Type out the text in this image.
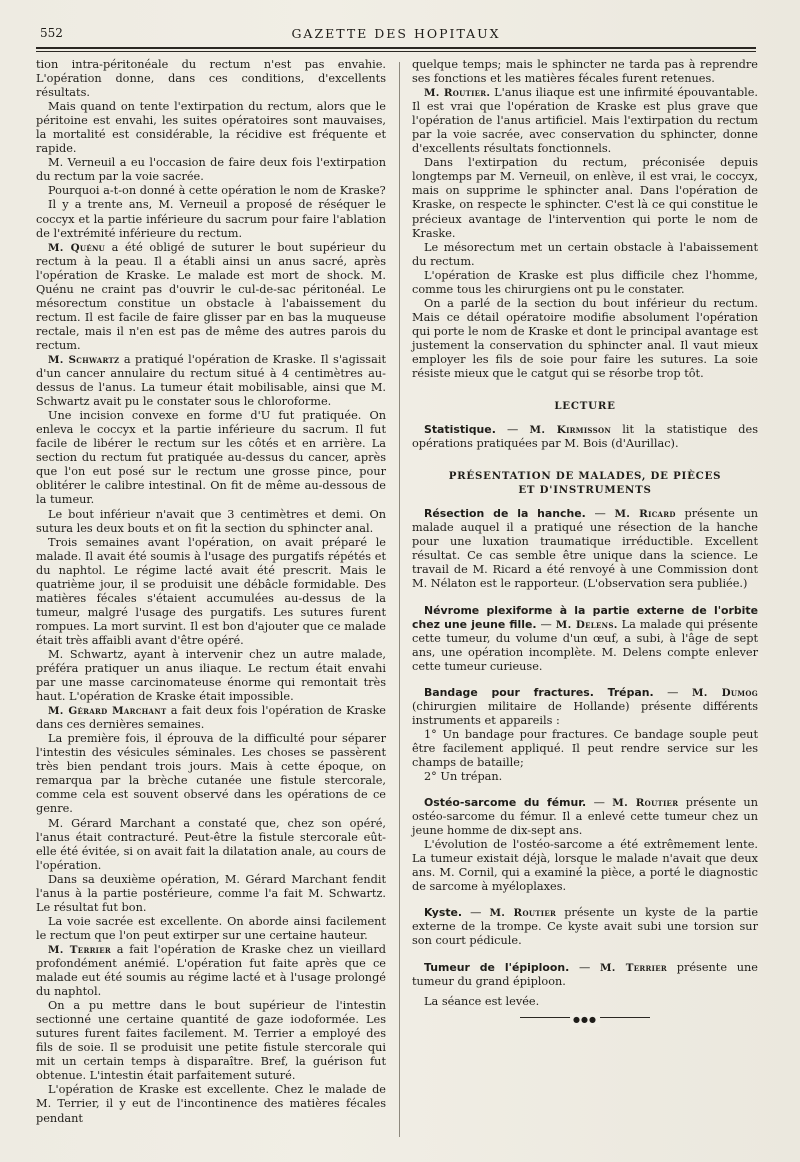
552	GAZETTE DES HOPITAUX

tion intra-péritonéale du rectum n'est pas envahie. L'opération donne, dans ces conditions, d'excellents résultats.

Mais quand on tente l'extirpation du rectum, alors que le péritoine est envahi, les suites opératoires sont mauvaises, la mortalité est considérable, la récidive est fréquente et rapide.

M. Verneuil a eu l'occasion de faire deux fois l'extirpation du rectum par la voie sacrée.

Pourquoi a-t-on donné à cette opération le nom de Kraske?

Il y a trente ans, M. Verneuil a proposé de réséquer le coccyx et la partie inférieure du sacrum pour faire l'ablation de l'extrémité inférieure du rectum.

M. Quénu a été obligé de suturer le bout supérieur du rectum à la peau. Il a établi ainsi un anus sacré, après l'opération de Kraske. Le malade est mort de shock. M. Quénu ne craint pas d'ouvrir le cul-de-sac péritonéal. Le mésorectum constitue un obstacle à l'abaissement du rectum. Il est facile de faire glisser par en bas la muqueuse rectale, mais il n'en est pas de même des autres parois du rectum.

M. Schwartz a pratiqué l'opération de Kraske. Il s'agissait d'un cancer annulaire du rectum situé à 4 centimètres au-dessus de l'anus. La tumeur était mobilisable, ainsi que M. Schwartz avait pu le constater sous le chloroforme.

Une incision convexe en forme d'U fut pratiquée. On enleva le coccyx et la partie inférieure du sacrum. Il fut facile de libérer le rectum sur les côtés et en arrière. La section du rectum fut pratiquée au-dessus du cancer, après que l'on eut posé sur le rectum une grosse pince, pour oblitérer le calibre intestinal. On fit de même au-dessous de la tumeur.

Le bout inférieur n'avait que 3 centimètres et demi. On sutura les deux bouts et on fit la section du sphincter anal.

Trois semaines avant l'opération, on avait préparé le malade. Il avait été soumis à l'usage des purgatifs répétés et du naphtol. Le régime lacté avait été prescrit. Mais le quatrième jour, il se produisit une débâcle formidable. Des matières fécales s'étaient accumulées au-dessus de la tumeur, malgré l'usage des purgatifs. Les sutures furent rompues. La mort survint. Il est bon d'ajouter que ce malade était très affaibli avant d'être opéré.

M. Schwartz, ayant à intervenir chez un autre malade, préféra pratiquer un anus iliaque. Le rectum était envahi par une masse carcinomateuse énorme qui remontait très haut. L'opération de Kraske était impossible.

M. Gérard Marchant a fait deux fois l'opération de Kraske dans ces dernières semaines.

La première fois, il éprouva de la difficulté pour séparer l'intestin des vésicules séminales. Les choses se passèrent très bien pendant trois jours. Mais à cette époque, on remarqua par la brèche cutanée une fistule stercorale, comme cela est souvent observé dans les opérations de ce genre.

M. Gérard Marchant a constaté que, chez son opéré, l'anus était contracturé. Peut-être la fistule stercorale eût-elle été évitée, si on avait fait la dilatation anale, au cours de l'opération.

Dans sa deuxième opération, M. Gérard Marchant fendit l'anus à la partie postérieure, comme l'a fait M. Schwartz. Le résultat fut bon.

La voie sacrée est excellente. On aborde ainsi facilement le rectum que l'on peut extirper sur une certaine hauteur.

M. Terrier a fait l'opération de Kraske chez un vieillard profondément anémié. L'opération fut faite après que ce malade eut été soumis au régime lacté et à l'usage prolongé du naphtol.

On a pu mettre dans le bout supérieur de l'intestin sectionné une certaine quantité de gaze iodoformée. Les sutures furent faites facilement. M. Terrier a employé des fils de soie. Il se produisit une petite fistule stercorale qui mit un certain temps à disparaître. Bref, la guérison fut obtenue. L'intestin était parfaitement suturé.

L'opération de Kraske est excellente. Chez le malade de M. Terrier, il y eut de l'incontinence des matières fécales pendant

quelque temps; mais le sphincter ne tarda pas à reprendre ses fonctions et les matières fécales furent retenues.

M. Routier. L'anus iliaque est une infirmité épouvantable. Il est vrai que l'opération de Kraske est plus grave que l'opération de l'anus artificiel. Mais l'extirpation du rectum par la voie sacrée, avec conservation du sphincter, donne d'excellents résultats fonctionnels.

Dans l'extirpation du rectum, préconisée depuis longtemps par M. Verneuil, on enlève, il est vrai, le coccyx, mais on supprime le sphincter anal. Dans l'opération de Kraske, on respecte le sphincter. C'est là ce qui constitue le précieux avantage de l'intervention qui porte le nom de Kraske.

Le mésorectum met un certain obstacle à l'abaissement du rectum.

L'opération de Kraske est plus difficile chez l'homme, comme tous les chirurgiens ont pu le constater.

On a parlé de la section du bout inférieur du rectum. Mais ce détail opératoire modifie absolument l'opération qui porte le nom de Kraske et dont le principal avantage est justement la conservation du sphincter anal. Il vaut mieux employer les fils de soie pour faire les sutures. La soie résiste mieux que le catgut qui se résorbe trop tôt.

LECTURE

Statistique. — M. Kirmisson lit la statistique des opérations pratiquées par M. Bois (d'Aurillac).

PRÉSENTATION DE MALADES, DE PIÈCES
ET D'INSTRUMENTS

Résection de la hanche. — M. Ricard présente un malade auquel il a pratiqué une résection de la hanche pour une luxation traumatique irréductible. Excellent résultat. Ce cas semble être unique dans la science. Le travail de M. Ricard a été renvoyé à une Commission dont M. Nélaton est le rapporteur. (L'observation sera publiée.)

Névrome plexiforme à la partie externe de l'orbite chez une jeune fille. — M. Delens. La malade qui présente cette tumeur, du volume d'un œuf, a subi, à l'âge de sept ans, une opération incomplète. M. Delens compte enlever cette tumeur curieuse.

Bandage pour fractures. Trépan. — M. Dumog (chirurgien militaire de Hollande) présente différents instruments et appareils :

1° Un bandage pour fractures. Ce bandage souple peut être facilement appliqué. Il peut rendre service sur les champs de bataille;

2° Un trépan.

Ostéo-sarcome du fémur. — M. Routier présente un ostéo-sarcome du fémur. Il a enlevé cette tumeur chez un jeune homme de dix-sept ans.

L'évolution de l'ostéo-sarcome a été extrêmement lente. La tumeur existait déjà, lorsque le malade n'avait que deux ans. M. Cornil, qui a examiné la pièce, a porté le diagnostic de sarcome à myéloplaxes.

Kyste. — M. Routier présente un kyste de la partie externe de la trompe. Ce kyste avait subi une torsion sur son court pédicule.

Tumeur de l'épiploon. — M. Terrier présente une tumeur du grand épiploon.

La séance est levée.

●●●
